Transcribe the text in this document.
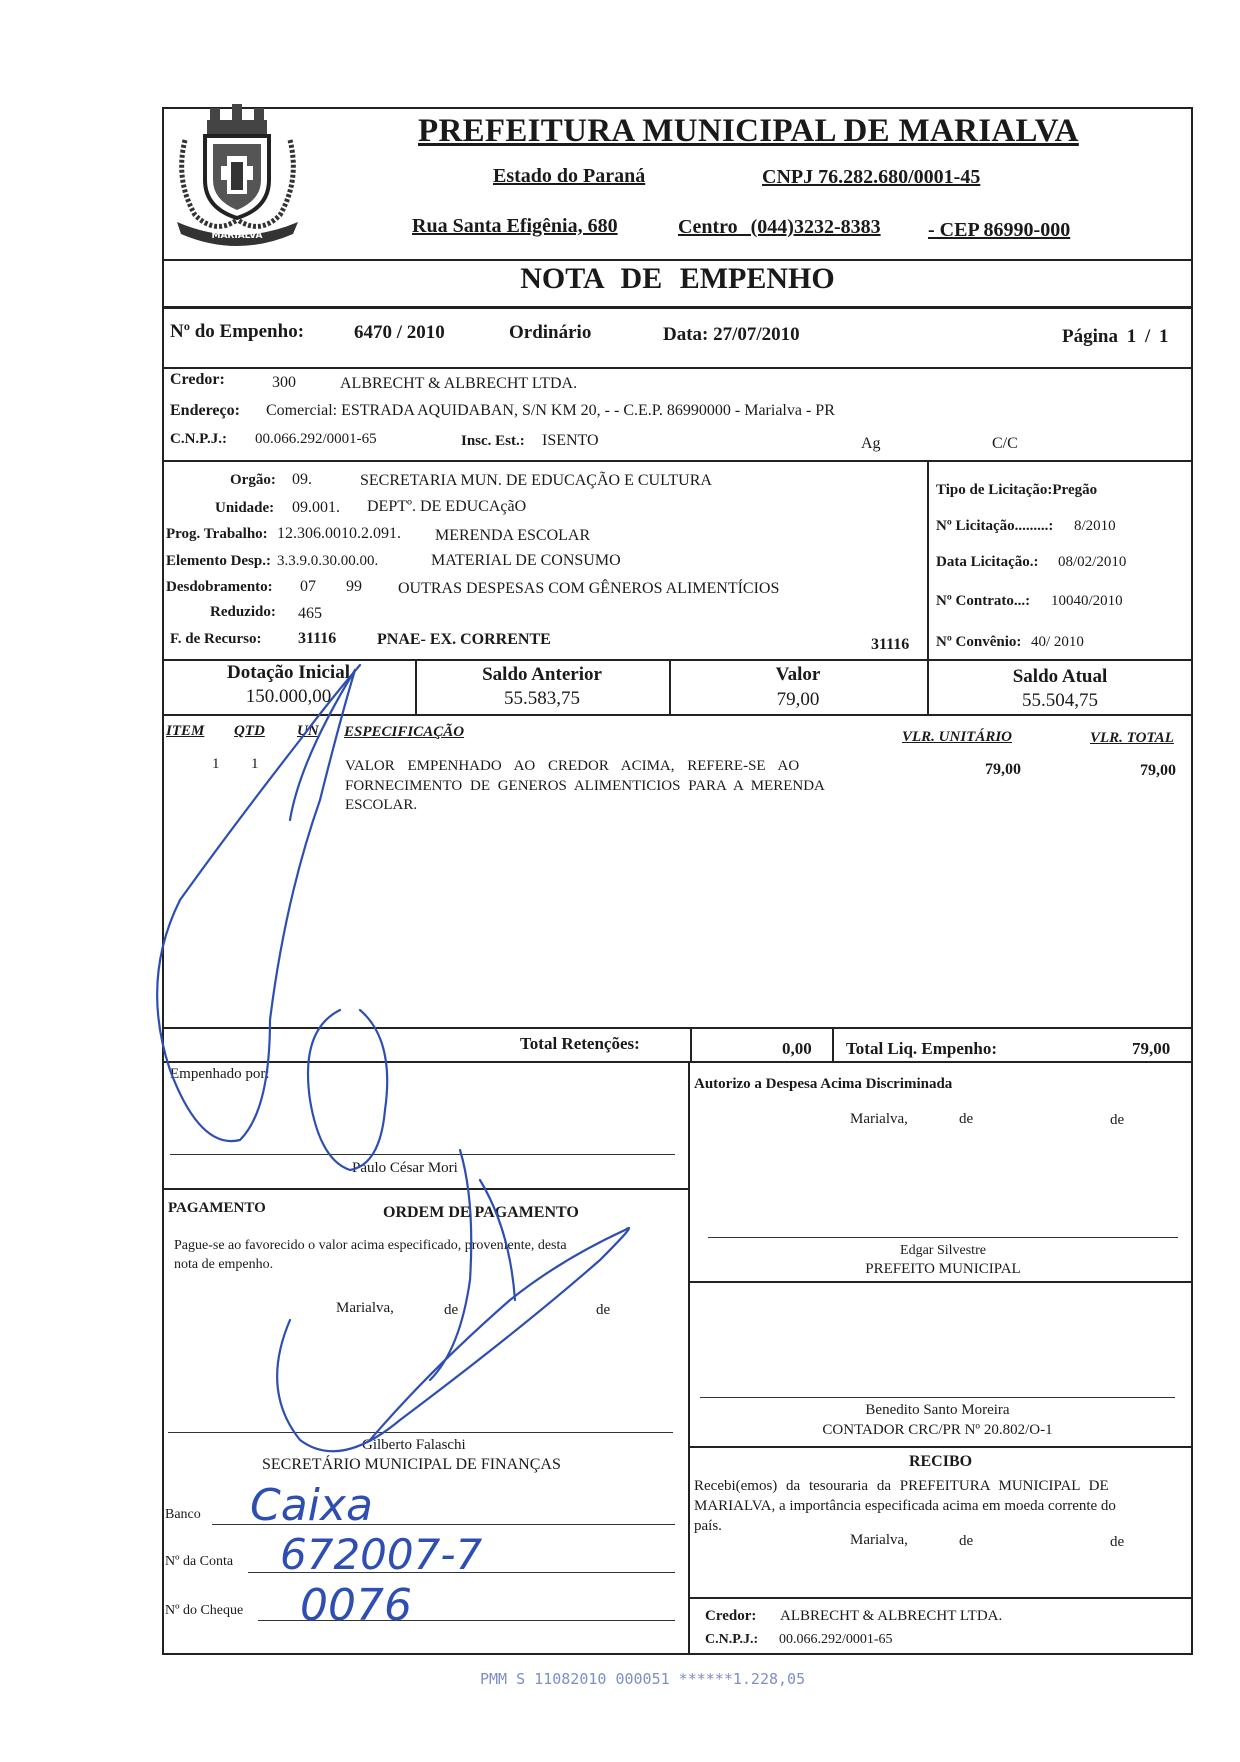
MARIALVA
PREFEITURA MUNICIPAL DE MARIALVA
Estado do Paraná	CNPJ 76.282.680/0001-45
Rua Santa Efigênia, 680	Centro (044)3232-8383 - CEP 86990-000
NOTA DE EMPENHO
Nº do Empenho:	6470 / 2010	Ordinário	Data: 27/07/2010	Página 1 / 1
Credor:	300	ALBRECHT & ALBRECHT LTDA.
Endereço: Comercial: ESTRADA AQUIDABAN, S/N KM 20, - - C.E.P. 86990000 - Marialva - PR
C.N.P.J.: 00.066.292/0001-65	Insc. Est.: ISENTO	Ag	C/C
Orgão: 09.	SECRETARIA MUN. DE EDUCAÇÃO E CULTURA
Unidade: 09.001. DEPTº. DE EDUCAçãO
Prog. Trabalho: 12.306.0010.2.091. MERENDA ESCOLAR
Elemento Desp.: 3.3.9.0.30.00.00.	MATERIAL DE CONSUMO
Desdobramento: 07 99 OUTRAS DESPESAS COM GÊNEROS ALIMENTÍCIOS
Reduzido: 465
F. de Recurso: 31116	PNAE- EX. CORRENTE	31116
Tipo de Licitação:Pregão
Nº Licitação.........: 8/2010
Data Licitação.: 08/02/2010
Nº Contrato...: 10040/2010
Nº Convênio: 40/ 2010
Dotação Inicial
150.000,00
Saldo Anterior
55.583,75
Valor
79,00
Saldo Atual
55.504,75
ITEM QTD UN ESPECIFICAÇÃO	VLR. UNITÁRIO	VLR. TOTAL
1 1	VALOR EMPENHADO AO CREDOR ACIMA, REFERE-SE AO
FORNECIMENTO DE GENEROS ALIMENTICIOS PARA A MERENDA
ESCOLAR.
79,00	79,00
Total Retenções:	0,00 Total Liq. Empenho:	79,00
Empenhado por:
Paulo César Mori
Autorizo a Despesa Acima Discriminada
Marialva,	de	de
PAGAMENTO	ORDEM DE PAGAMENTO
Pague-se ao favorecido o valor acima especificado, proveniente, desta
nota de empenho.
Marialva,	de	de
Gilberto Falaschi
SECRETÁRIO MUNICIPAL DE FINANÇAS
Banco Caixa
Nº da Conta 672007-7
Nº do Cheque 0076
Edgar Silvestre
PREFEITO MUNICIPAL
Benedito Santo Moreira
CONTADOR CRC/PR Nº 20.802/O-1
RECIBO
Recebi(emos) da tesouraria da PREFEITURA MUNICIPAL DE
MARIALVA, a importância especificada acima em moeda corrente do
país.
Marialva,	de	de
Credor: ALBRECHT & ALBRECHT LTDA.
C.N.P.J.: 00.066.292/0001-65
PMM S 11082010 000051 ******1.228,05
